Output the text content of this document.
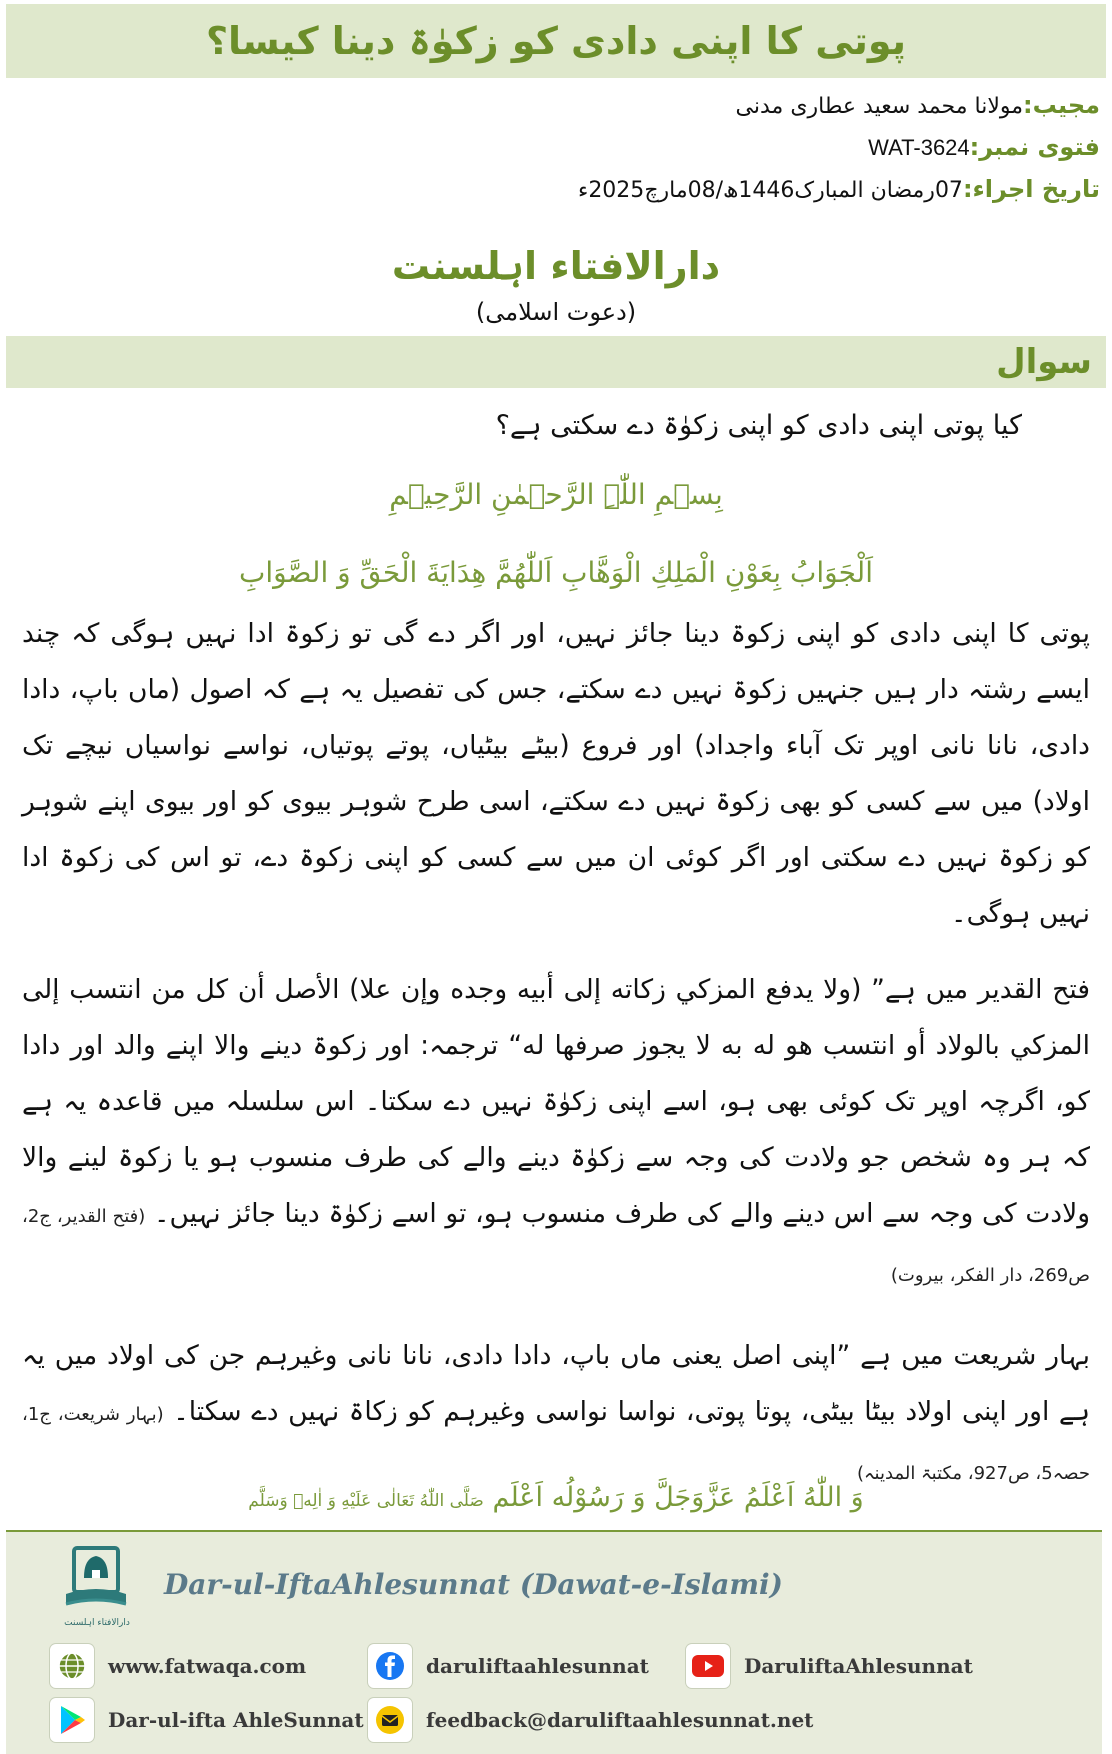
پوتی کا اپنی دادی کو زکوٰۃ دینا کیسا؟
مجیب:مولانا محمد سعید عطاری مدنی
فتوی نمبر:WAT-3624
تاریخ اجراء:07رمضان المبارک1446ھ/08مارچ2025ء
دارالافتاء اہلسنت
(دعوت اسلامی)
سوال
کیا پوتی اپنی دادی کو اپنی زکوٰۃ دے سکتی ہے؟
بِسۡمِ اللّٰہِ الرَّحۡمٰنِ الرَّحِیۡمِ
اَلْجَوَابُ بِعَوْنِ الْمَلِكِ الْوَهَّابِ اَللّٰهُمَّ هِدَايَةَ الْحَقِّ وَ الصَّوَابِ
پوتی کا اپنی دادی کو اپنی زکوۃ دینا جائز نہیں، اور اگر دے گی تو زکوۃ ادا نہیں ہوگی کہ چند ایسے رشتہ دار ہیں جنہیں زکوۃ نہیں دے سکتے، جس کی تفصیل یہ ہے کہ اصول (ماں باپ، دادا دادی، نانا نانی اوپر تک آباء واجداد) اور فروع (بیٹے بیٹیاں، پوتے پوتیاں، نواسے نواسیاں نیچے تک اولاد) میں سے کسی کو بھی زکوۃ نہیں دے سکتے، اسی طرح شوہر بیوی کو اور بیوی اپنے شوہر کو زکوۃ نہیں دے سکتی اور اگر کوئی ان میں سے کسی کو اپنی زکوۃ دے، تو اس کی زکوۃ ادا نہیں ہوگی۔
فتح القدیر میں ہے” (ولا يدفع المزكي زكاته إلى أبيه وجده وإن علا) الأصل أن كل من انتسب إلى المزكي بالولاد أو انتسب هو له به لا يجوز صرفها له“ ترجمہ: اور زکوۃ دینے والا اپنے والد اور دادا کو، اگرچہ اوپر تک کوئی بھی ہو، اسے اپنی زکوٰۃ نہیں دے سکتا۔ اس سلسلہ میں قاعدہ یہ ہے کہ ہر وہ شخص جو ولادت کی وجہ سے زکوٰۃ دینے والے کی طرف منسوب ہو یا زکوۃ لینے والا ولادت کی وجہ سے اس دینے والے کی طرف منسوب ہو، تو اسے زکوٰۃ دینا جائز نہیں۔ (فتح القدیر، ج2، ص269، دار الفکر، بیروت)
بہار شریعت میں ہے ”اپنی اصل یعنی ماں باپ، دادا دادی، نانا نانی وغیرہم جن کی اولاد میں یہ ہے اور اپنی اولاد بیٹا بیٹی، پوتا پوتی، نواسا نواسی وغیرہم کو زکاۃ نہیں دے سکتا۔ (بہار شریعت، ج1، حصہ5، ص927، مکتبۃ المدینہ)
وَ اللّٰهُ اَعْلَمُ عَزَّوَجَلَّ وَ رَسُوْلُه اَعْلَم صَلَّی اللّٰهُ تَعَالٰی عَلَیْهِ وَ اٰلِهٖ وَسَلَّم
دارالافتاء اہلسنت
Dar-ul-IftaAhlesunnat (Dawat-e-Islami)
www.fatwaqa.com	daruliftaahlesunnat	DaruliftaAhlesunnat
Dar-ul-ifta AhleSunnat	feedback@daruliftaahlesunnat.net
